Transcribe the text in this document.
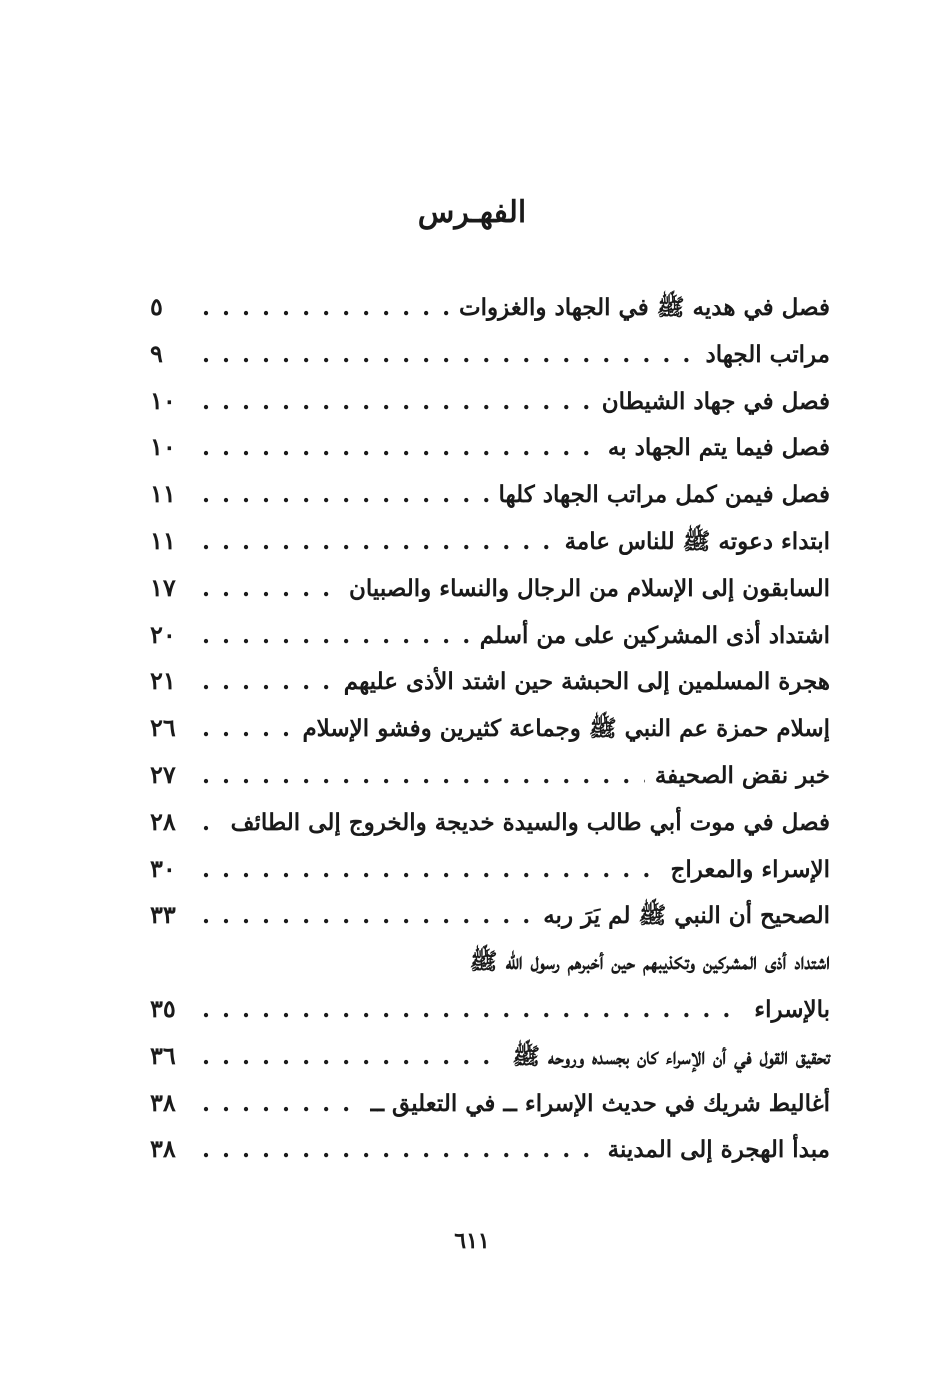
الفهـرس
فصل في هديه ﷺ في الجهاد والغزوات
. . .
٥
مراتب الجهاد
. . .
٩
فصل في جهاد الشيطان
. . .
١٠
فصل فيما يتم الجهاد به
. . .
١٠
فصل فيمن كمل مراتب الجهاد كلها
. . .
١١
ابتداء دعوته ﷺ للناس عامة
. . .
١١
السابقون إلى الإسلام من الرجال والنساء والصبيان
. . .
١٧
اشتداد أذى المشركين على من أسلم
. . .
٢٠
هجرة المسلمين إلى الحبشة حين اشتد الأذى عليهم
. . .
٢١
إسلام حمزة عم النبي ﷺ وجماعة كثيرين وفشو الإسلام
. . .
٢٦
خبر نقض الصحيفة
. . .
٢٧
فصل في موت أبي طالب والسيدة خديجة والخروج إلى الطائف
. . .
٢٨
الإسراء والمعراج
. . .
٣٠
الصحيح أن النبي ﷺ لم يَرَ ربه
. . .
٣٣
اشتداد أذى المشركين وتكذيبهم حين أخبرهم رسول الله ﷺ
بالإسراء
. . .
٣٥
تحقيق القول في أن الإسراء كان بجسده وروحه ﷺ
. . .
٣٦
أغاليط شريك في حديث الإسراء ــ في التعليق ــ
. . .
٣٨
مبدأ الهجرة إلى المدينة
. . .
٣٨
٦١١
